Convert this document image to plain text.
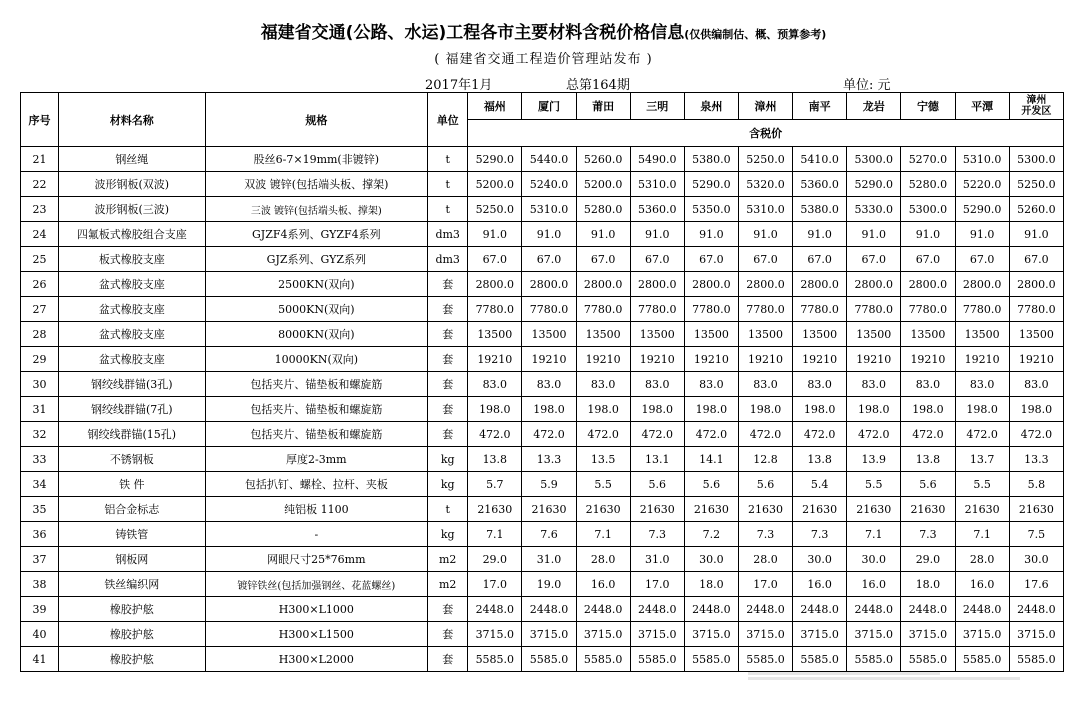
福建省交通(公路、水运)工程各市主要材料含税价格信息(仅供编制估、概、预算参考)
( 福建省交通工程造价管理站发布 )
2017年1月	总第164期	单位: 元
序号	材料名称	规格	单位	福州	厦门	莆田	三明	泉州	漳州	南平	龙岩	宁德	平潭	漳州
开发区

				含税价										
21	钢丝绳	股丝6-7×19mm(非镀锌)	t	5290.0	5440.0	5260.0	5490.0	5380.0	5250.0	5410.0	5300.0	5270.0	5310.0	5300.0
22	波形钢板(双波)	双波 镀锌(包括端头板、撑架)	t	5200.0	5240.0	5200.0	5310.0	5290.0	5320.0	5360.0	5290.0	5280.0	5220.0	5250.0
23	波形钢板(三波)	三波 镀锌(包括端头板、撑架)	t	5250.0	5310.0	5280.0	5360.0	5350.0	5310.0	5380.0	5330.0	5300.0	5290.0	5260.0
24	四氟板式橡胶组合支座	GJZF4系列、GYZF4系列	dm3	91.0	91.0	91.0	91.0	91.0	91.0	91.0	91.0	91.0	91.0	91.0
25	板式橡胶支座	GJZ系列、GYZ系列	dm3	67.0	67.0	67.0	67.0	67.0	67.0	67.0	67.0	67.0	67.0	67.0
26	盆式橡胶支座	2500KN(双向)	套	2800.0	2800.0	2800.0	2800.0	2800.0	2800.0	2800.0	2800.0	2800.0	2800.0	2800.0
27	盆式橡胶支座	5000KN(双向)	套	7780.0	7780.0	7780.0	7780.0	7780.0	7780.0	7780.0	7780.0	7780.0	7780.0	7780.0
28	盆式橡胶支座	8000KN(双向)	套	13500	13500	13500	13500	13500	13500	13500	13500	13500	13500	13500
29	盆式橡胶支座	10000KN(双向)	套	19210	19210	19210	19210	19210	19210	19210	19210	19210	19210	19210
30	钢绞线群锚(3孔)	包括夹片、锚垫板和螺旋筋	套	83.0	83.0	83.0	83.0	83.0	83.0	83.0	83.0	83.0	83.0	83.0
31	钢绞线群锚(7孔)	包括夹片、锚垫板和螺旋筋	套	198.0	198.0	198.0	198.0	198.0	198.0	198.0	198.0	198.0	198.0	198.0
32	钢绞线群锚(15孔)	包括夹片、锚垫板和螺旋筋	套	472.0	472.0	472.0	472.0	472.0	472.0	472.0	472.0	472.0	472.0	472.0
33	不锈钢板	厚度2-3mm	kg	13.8	13.3	13.5	13.1	14.1	12.8	13.8	13.9	13.8	13.7	13.3
34	铁 件	包括扒钉、螺栓、拉杆、夹板	kg	5.7	5.9	5.5	5.6	5.6	5.6	5.4	5.5	5.6	5.5	5.8
35	铝合金标志	纯铝板 1100	t	21630	21630	21630	21630	21630	21630	21630	21630	21630	21630	21630
36	铸铁管	-	kg	7.1	7.6	7.1	7.3	7.2	7.3	7.3	7.1	7.3	7.1	7.5
37	钢板网	网眼尺寸25*76mm	m2	29.0	31.0	28.0	31.0	30.0	28.0	30.0	30.0	29.0	28.0	30.0
38	铁丝编织网	镀锌铁丝(包括加强钢丝、花蓝螺丝)	m2	17.0	19.0	16.0	17.0	18.0	17.0	16.0	16.0	18.0	16.0	17.6
39	橡胶护舷	H300×L1000	套	2448.0	2448.0	2448.0	2448.0	2448.0	2448.0	2448.0	2448.0	2448.0	2448.0	2448.0
40	橡胶护舷	H300×L1500	套	3715.0	3715.0	3715.0	3715.0	3715.0	3715.0	3715.0	3715.0	3715.0	3715.0	3715.0
41	橡胶护舷	H300×L2000	套	5585.0	5585.0	5585.0	5585.0	5585.0	5585.0	5585.0	5585.0	5585.0	5585.0	5585.0
